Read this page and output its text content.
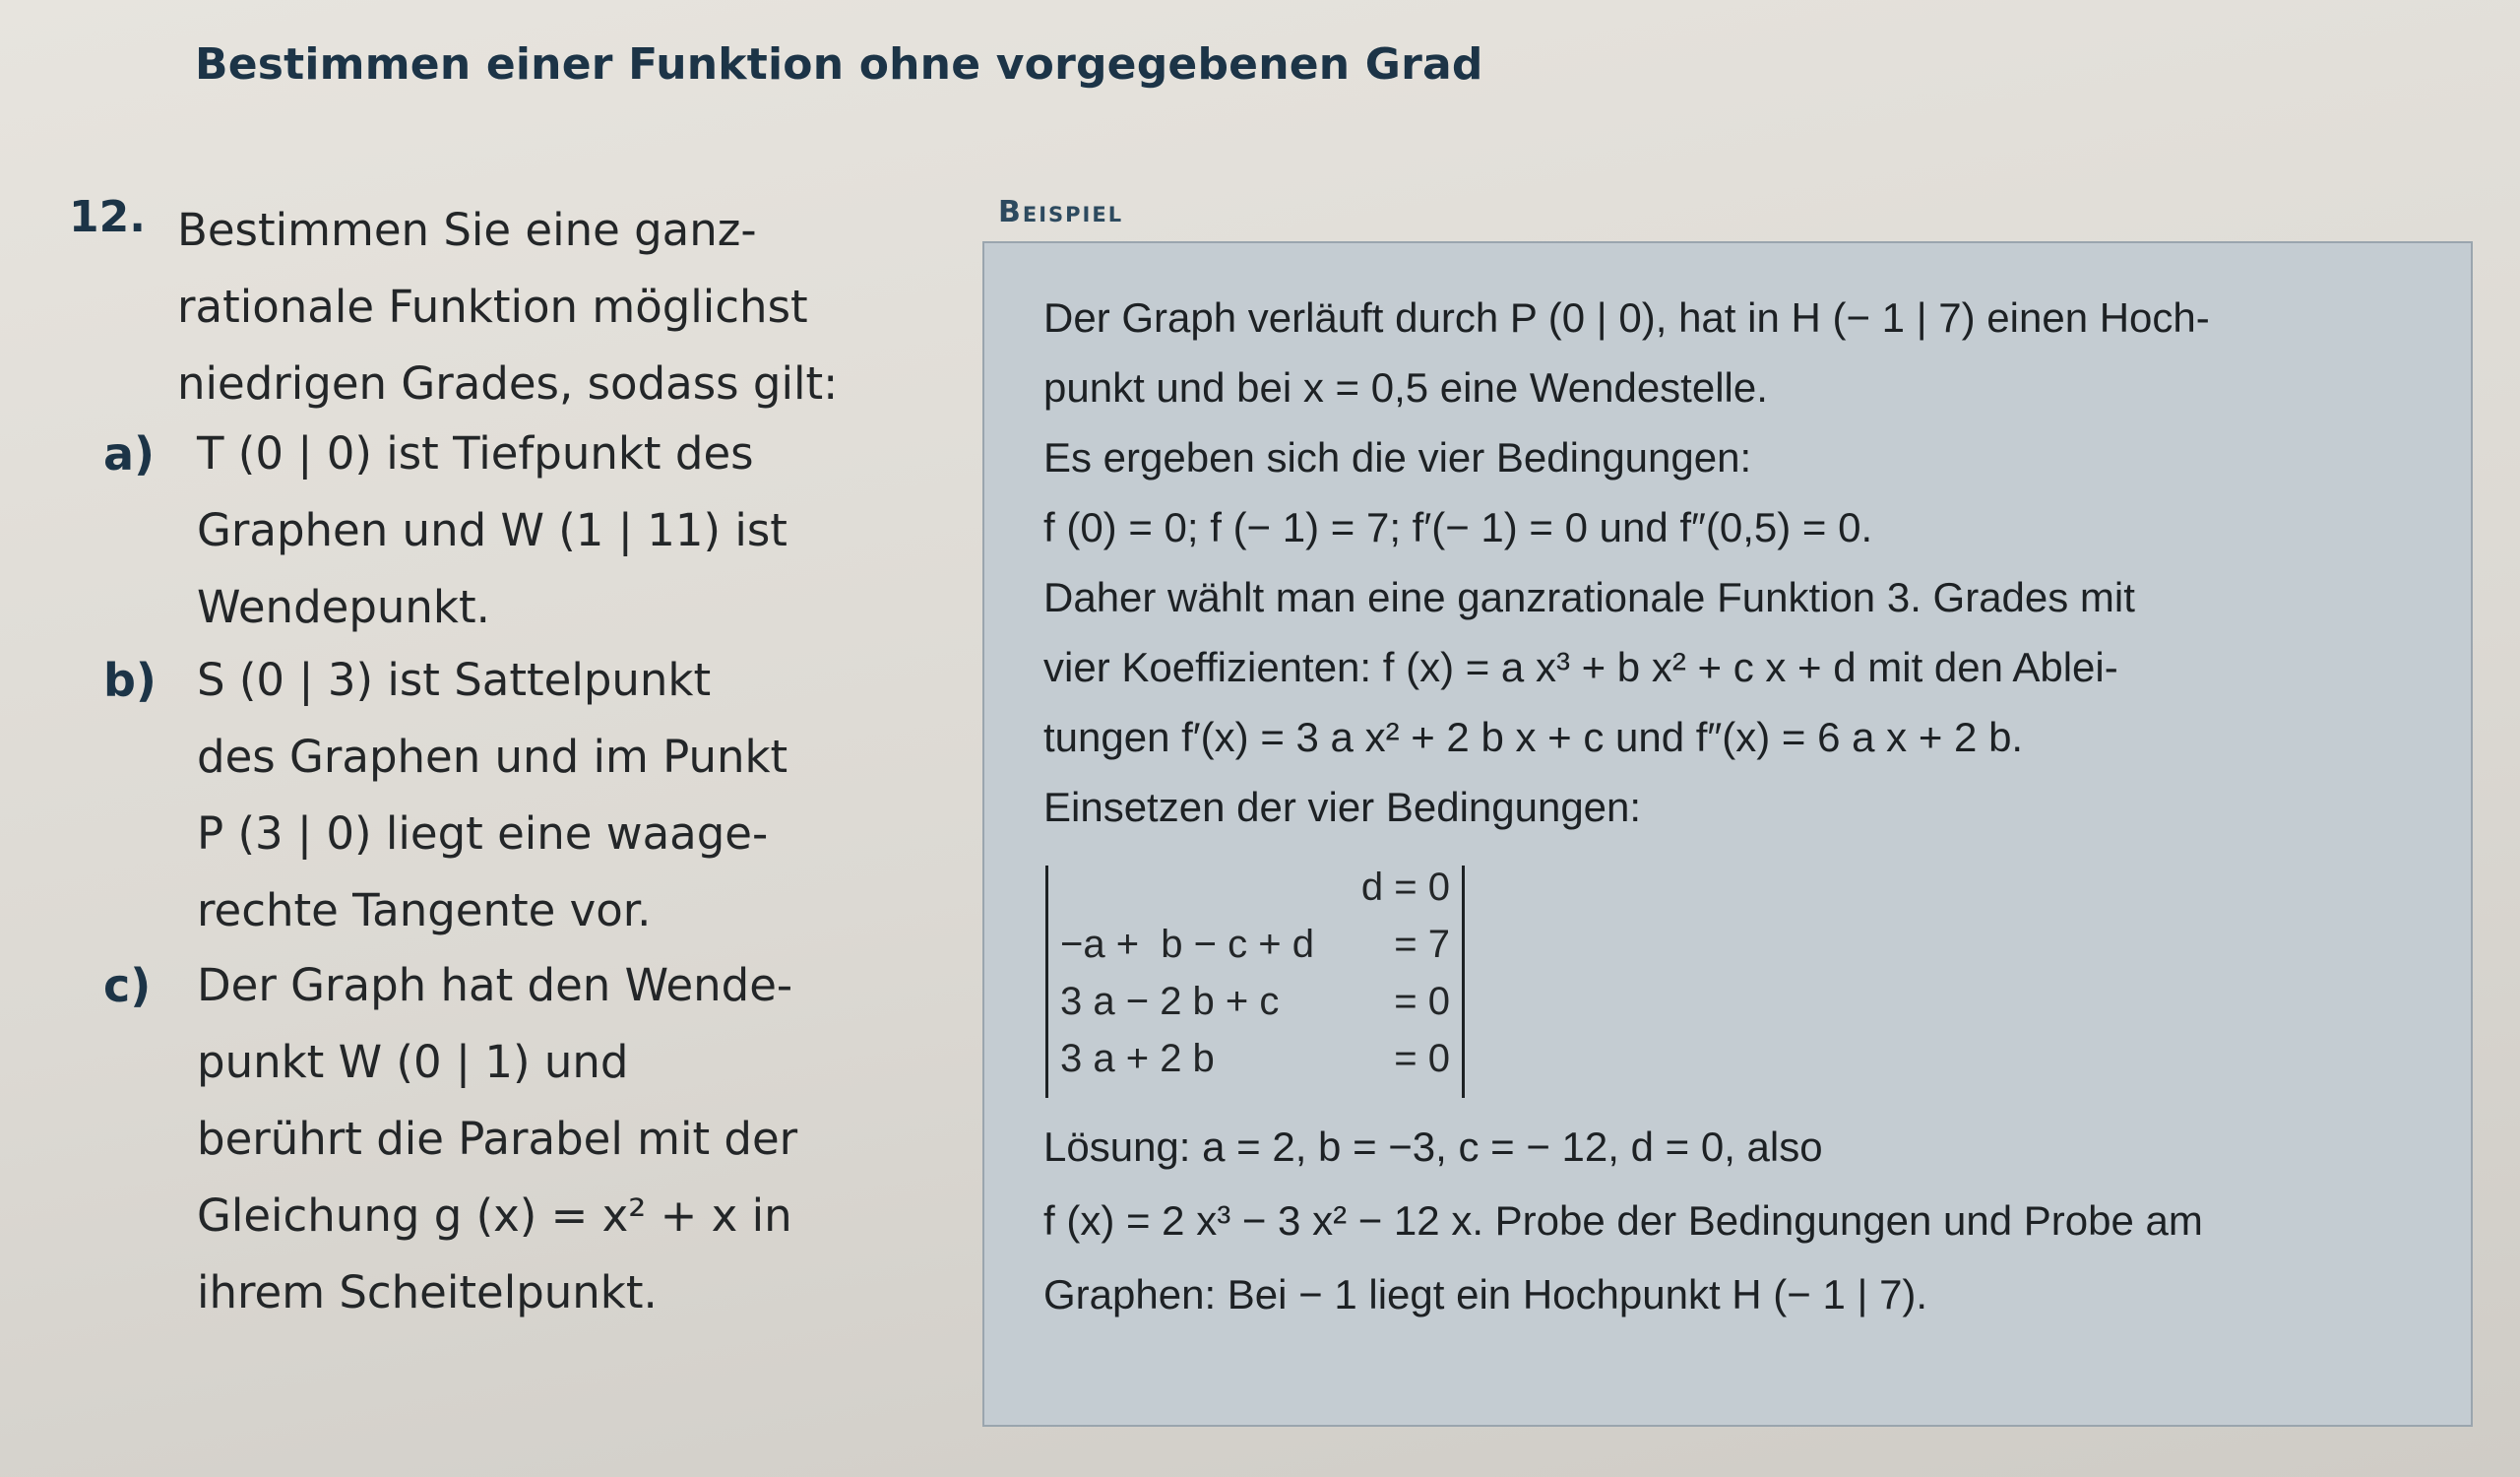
Bestimmen einer Funktion ohne vorgegebenen Grad
12. Bestimmen Sie eine ganz-
rationale Funktion möglichst
niedrigen Grades, sodass gilt:
a) T (0 | 0) ist Tiefpunkt des
Graphen und W (1 | 11) ist
Wendepunkt.
b) S (0 | 3) ist Sattelpunkt
des Graphen und im Punkt
P (3 | 0) liegt eine waage-
rechte Tangente vor.
c) Der Graph hat den Wende-
punkt W (0 | 1) und
berührt die Parabel mit der
Gleichung g (x) = x² + x in
ihrem Scheitelpunkt.
Beispiel

Der Graph verläuft durch P (0 | 0), hat in H (− 1 | 7) einen Hoch-

punkt und bei x = 0,5 eine Wendestelle.

Es ergeben sich die vier Bedingungen:

f (0) = 0; f (− 1) = 7; f′(− 1) = 0 und f″(0,5) = 0.

Daher wählt man eine ganzrationale Funktion 3. Grades mit

vier Koeffizienten: f (x) = a x³ + b x² + c x + d mit den Ablei-

tungen f′(x) = 3 a x² + 2 b x + c und f″(x) = 6 a x + 2 b.

Einsetzen der vier Bedingungen:

d = 0

−a +  b − c + d

= 7

3 a − 2 b + c

	= 0

3 a + 2 b

	= 0

Lösung: a = 2, b = −3, c = − 12, d = 0, also

f (x) = 2 x³ − 3 x² − 12 x. Probe der Bedingungen und Probe am

Graphen: Bei − 1 liegt ein Hochpunkt H (− 1 | 7).
